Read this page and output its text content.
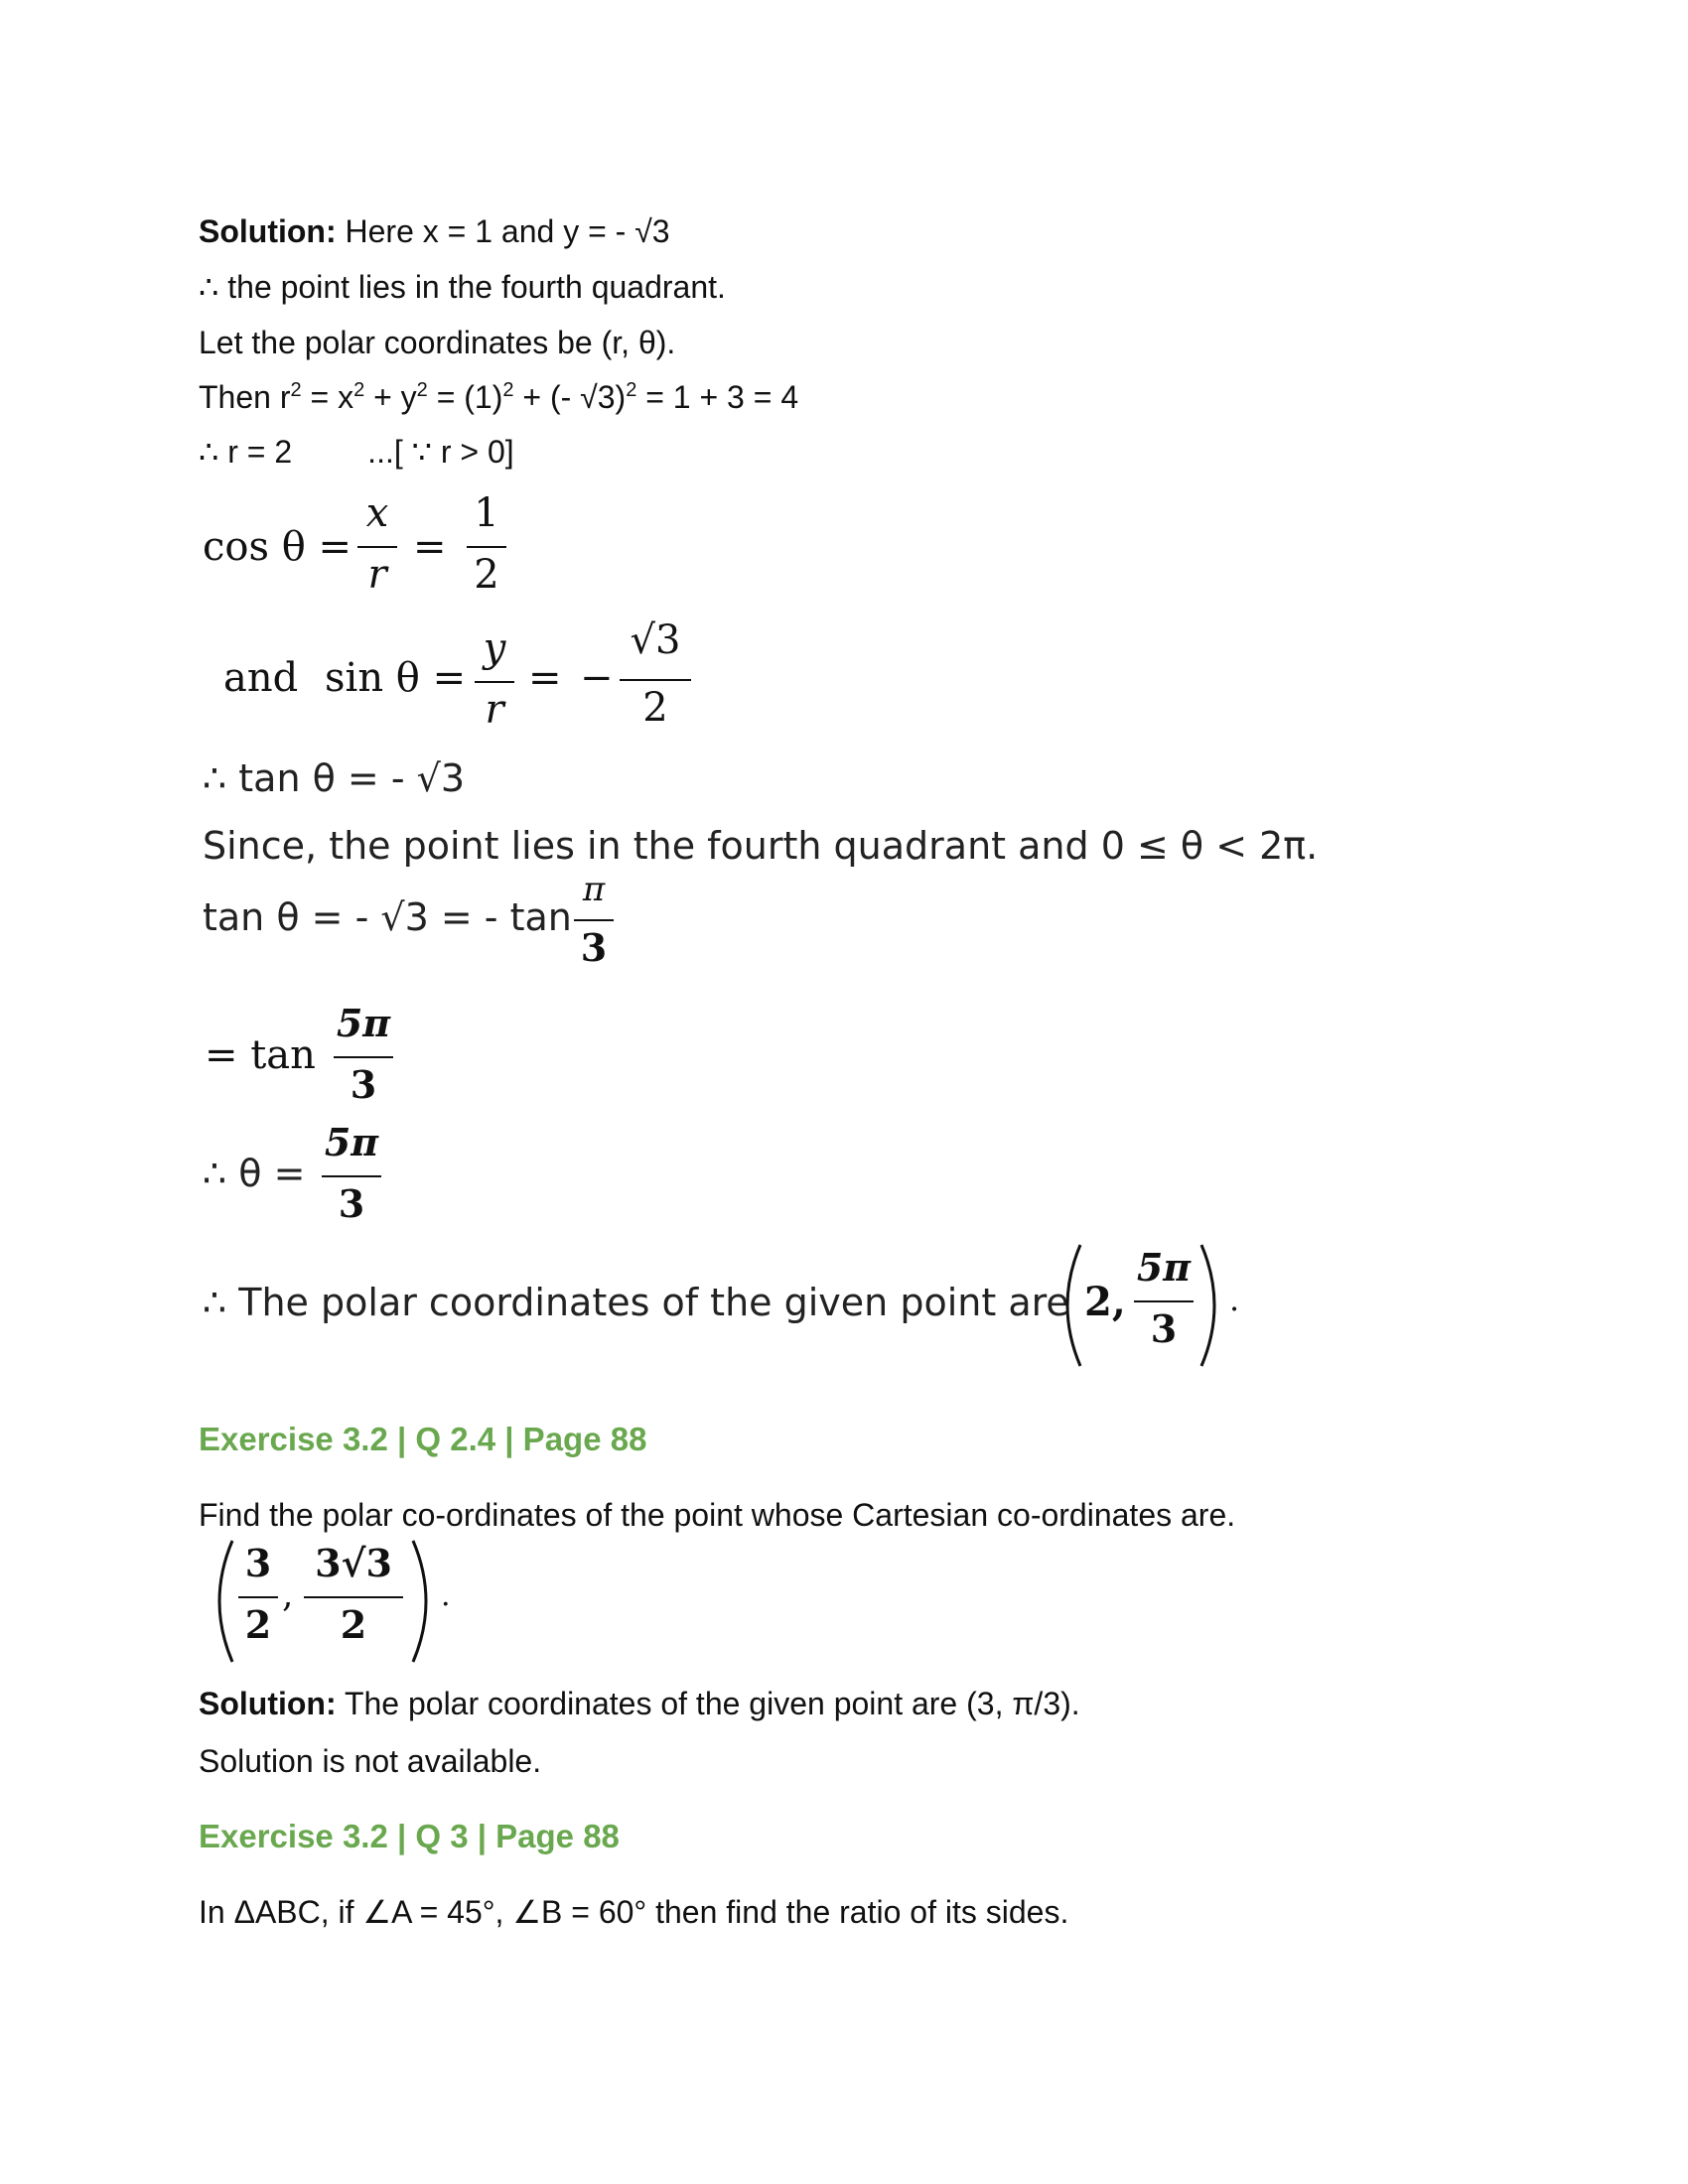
Solution: Here x = 1 and y = - √3
∴ the point lies in the fourth quadrant.
Let the polar coordinates be (r, θ).
Then $r^2 = x^2 + y^2 = (1)^2$ + (- √3)$^2$ = 1 + 3 = 4
∴ r = 2 ...[ ∵ r > 0]
cos θ =
x
r
=
1
2
and sin θ =
y
r
= −
√3
2
∴ tan θ = - √3
Since, the point lies in the fourth quadrant and 0 ≤ θ < 2π.
tan θ = - √3 = - tan
π
3
= tan
5π
3
∴ θ =
5π
3
∴ The polar coordinates of the given point are 2,
5π
3
.
Exercise 3.2 | Q 2.4 | Page 88
Find the polar co-ordinates of the point whose Cartesian co-ordinates are.
3
2
,
3√3
2
.
Solution: The polar coordinates of the given point are (3, π/3).
Solution is not available.
Exercise 3.2 | Q 3 | Page 88
In ΔABC, if ∠A = 45°, ∠B = 60° then find the ratio of its sides.
